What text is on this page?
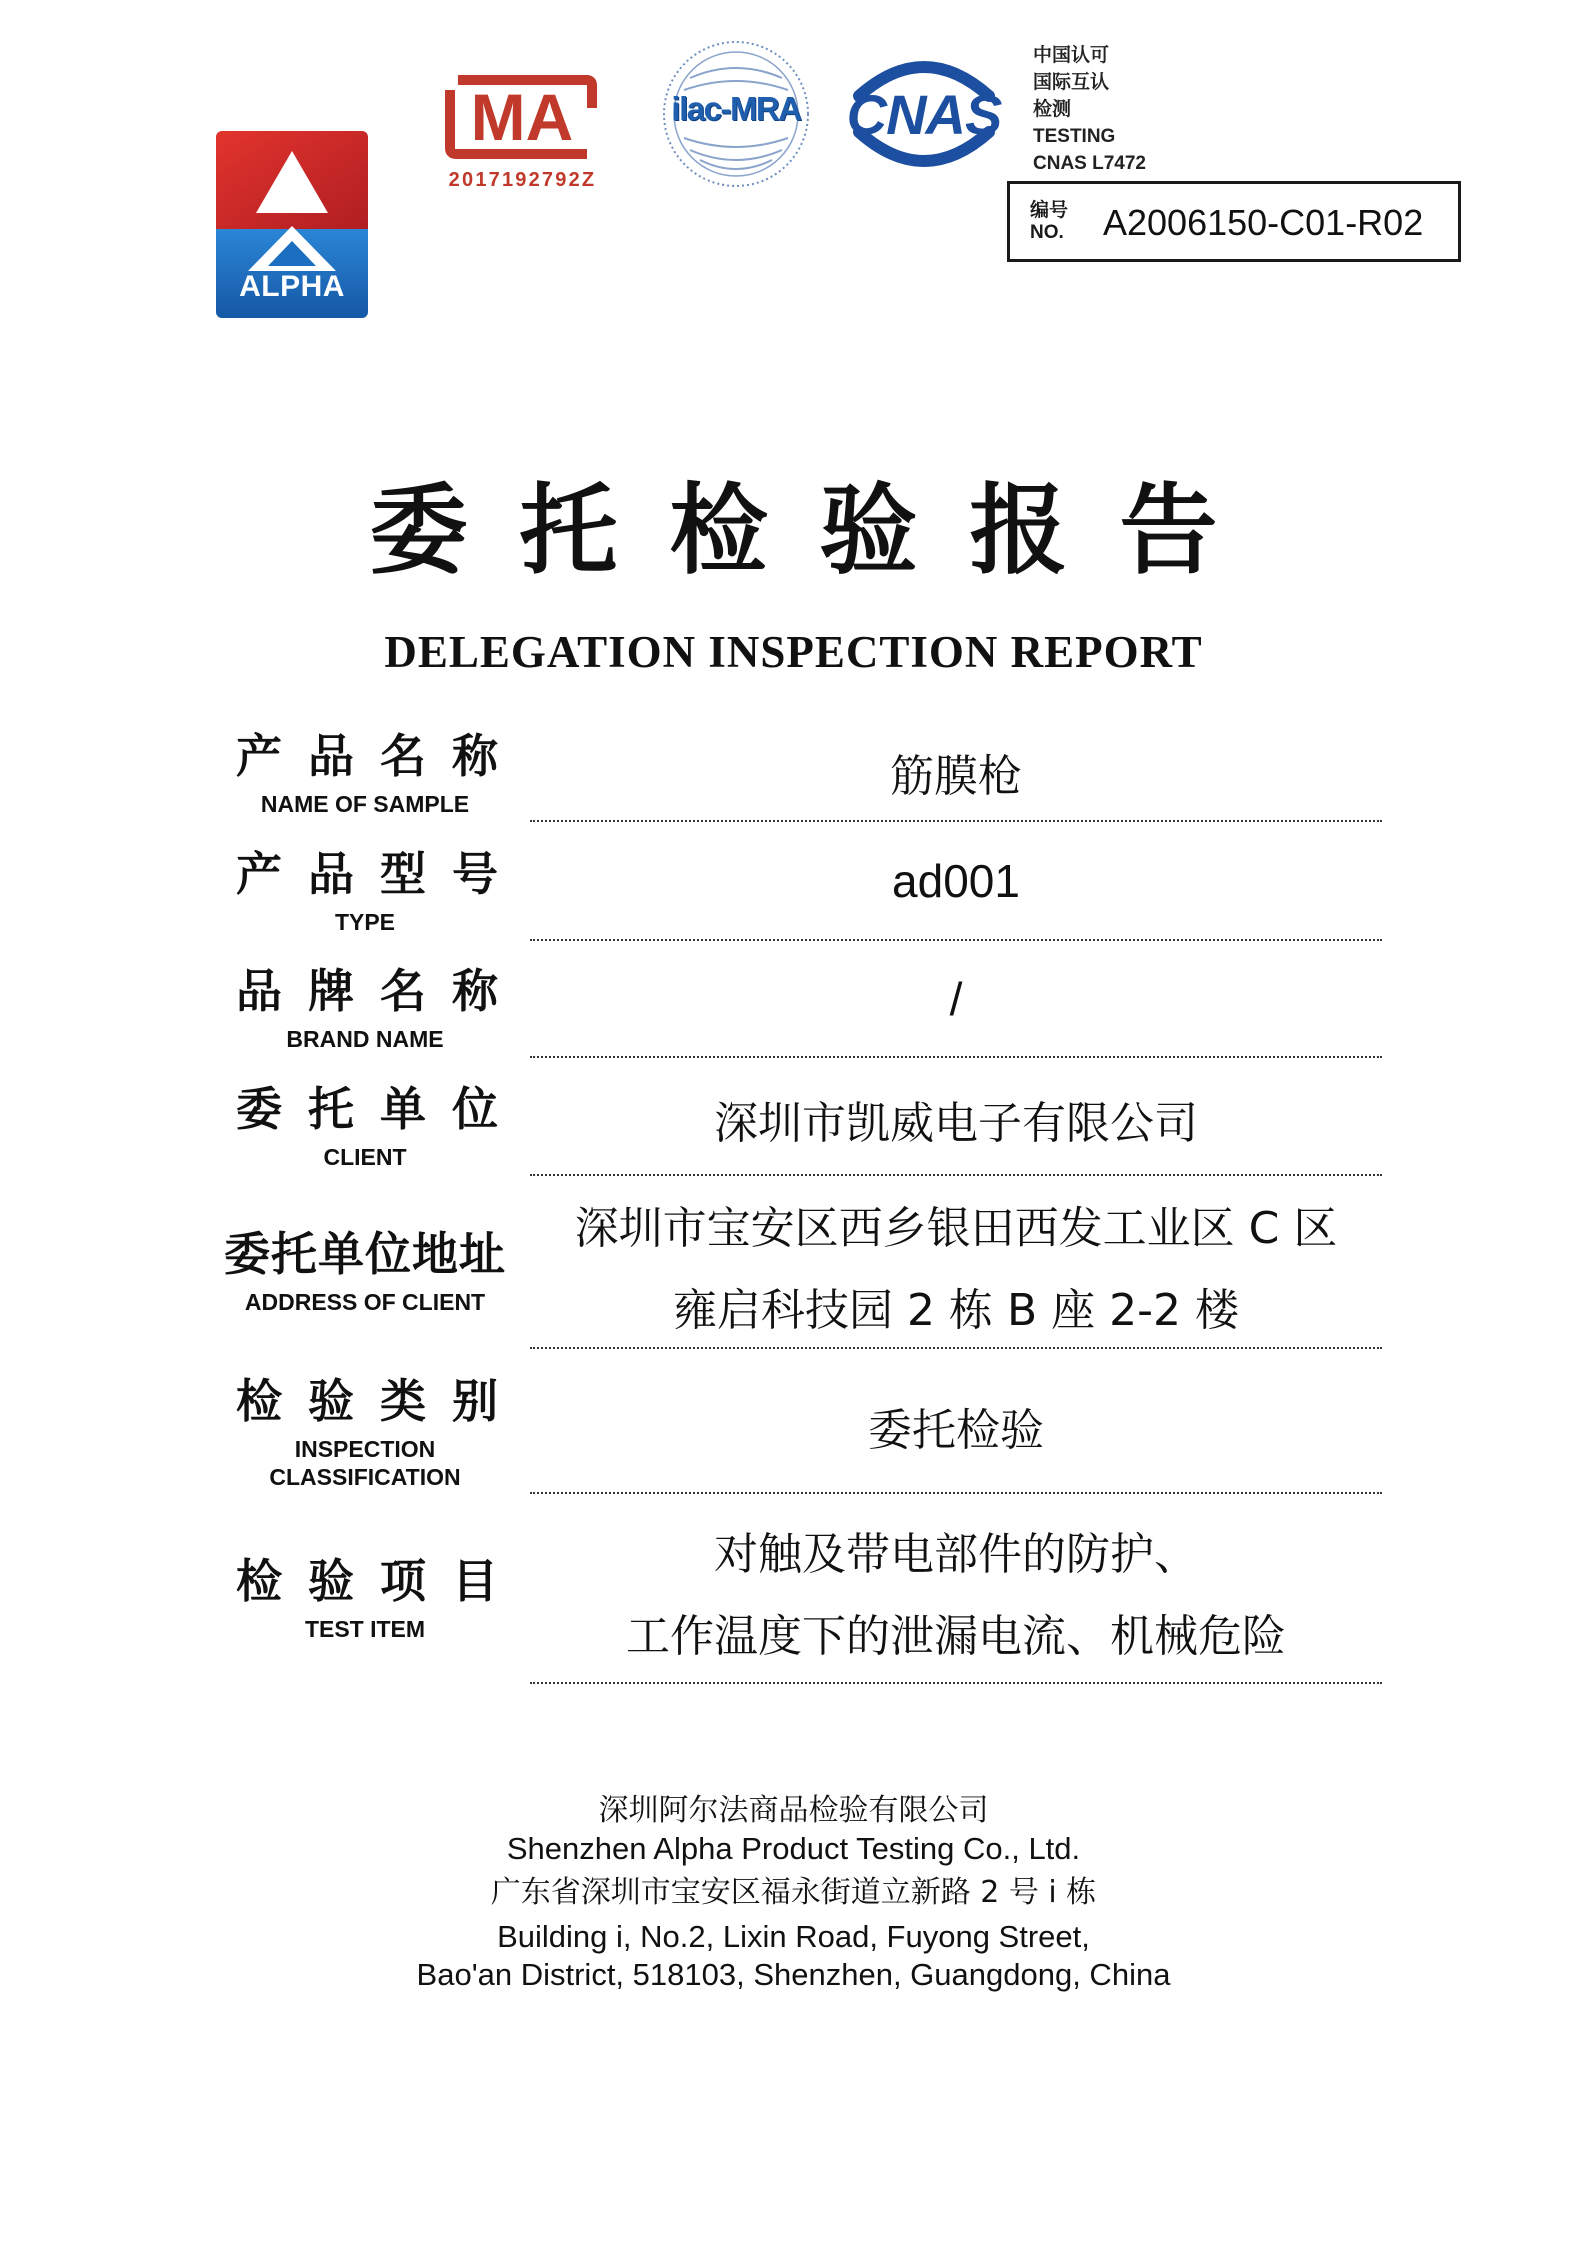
ALPHA
MA
2017192792Z
ilac-MRA CNAS
中国认可
国际互认
检测
TESTING
CNAS L7472
编号
NO.	A2006150-C01-R02
委托检验报告
DELEGATION INSPECTION REPORT
产品名称
NAME OF SAMPLE
筋膜枪
产品型号
TYPE
ad001
品牌名称
BRAND NAME
/
委托单位
CLIENT
深圳市凯威电子有限公司
委托单位地址
ADDRESS OF CLIENT
深圳市宝安区西乡银田西发工业区 C 区
雍启科技园 2 栋 B 座 2-2 楼
检验类别
INSPECTION
CLASSIFICATION
委托检验
检验项目
TEST ITEM
对触及带电部件的防护、
工作温度下的泄漏电流、机械危险
深圳阿尔法商品检验有限公司
Shenzhen Alpha Product Testing Co., Ltd.
广东省深圳市宝安区福永街道立新路 2 号 i 栋
Building i, No.2, Lixin Road, Fuyong Street,
Bao'an District, 518103, Shenzhen, Guangdong, China
